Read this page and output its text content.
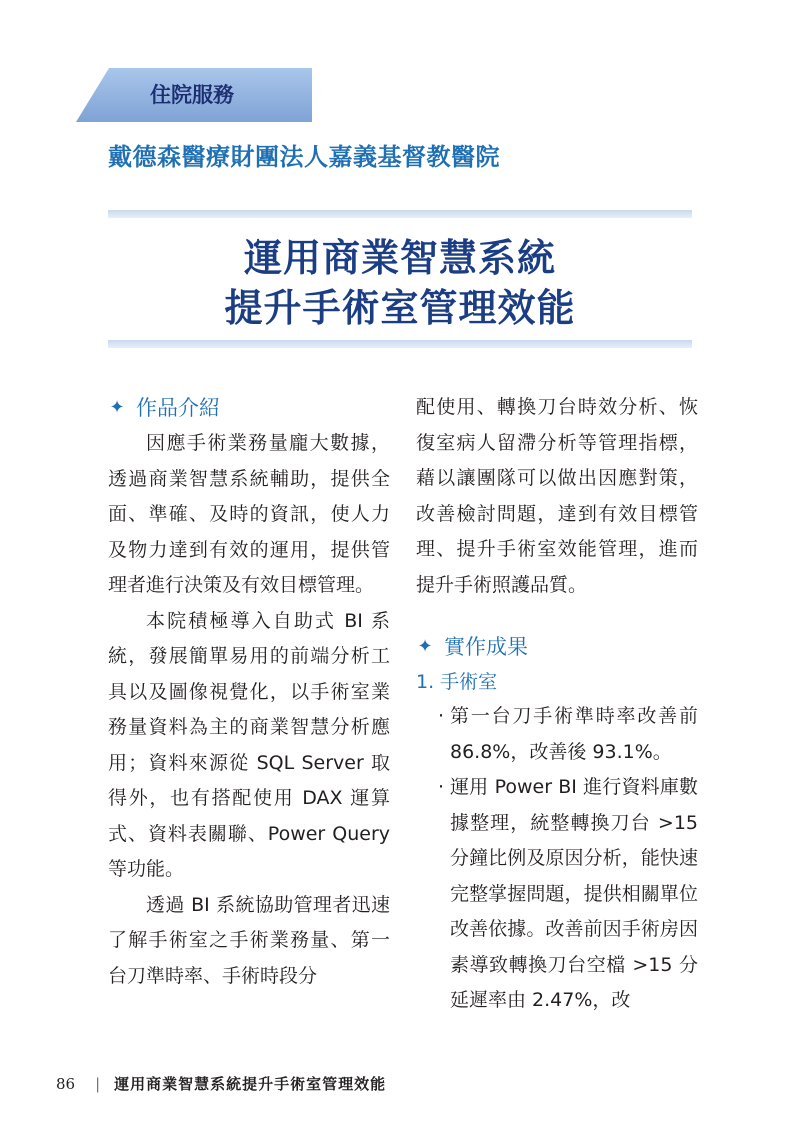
住院服務
戴德森醫療財團法人嘉義基督教醫院
運用商業智慧系統
提升手術室管理效能
✦ 作品介紹

因應手術業務量龐大數據，透過商業智慧系統輔助，提供全面、準確、及時的資訊，使人力及物力達到有效的運用，提供管理者進行決策及有效目標管理。

本院積極導入自助式 BI 系統，發展簡單易用的前端分析工具以及圖像視覺化，以手術室業務量資料為主的商業智慧分析應用；資料來源從 SQL Server 取得外，也有搭配使用 DAX 運算式、資料表關聯、Power Query 等功能。

透過 BI 系統協助管理者迅速了解手術室之手術業務量、第一台刀準時率、手術時段分

配使用、轉換刀台時效分析、恢復室病人留滯分析等管理指標，藉以讓團隊可以做出因應對策，改善檢討問題，達到有效目標管理、提升手術室效能管理，進而提升手術照護品質。

✦ 實作成果
1. 手術室
‧ 第一台刀手術準時率改善前 86.8%，改善後 93.1%。
‧ 運用 Power BI 進行資料庫數據整理，統整轉換刀台 >15 分鐘比例及原因分析，能快速完整掌握問題，提供相關單位改善依據。改善前因手術房因素導致轉換刀台空檔 >15 分延遲率由 2.47%，改
86 | 運用商業智慧系統提升手術室管理效能
